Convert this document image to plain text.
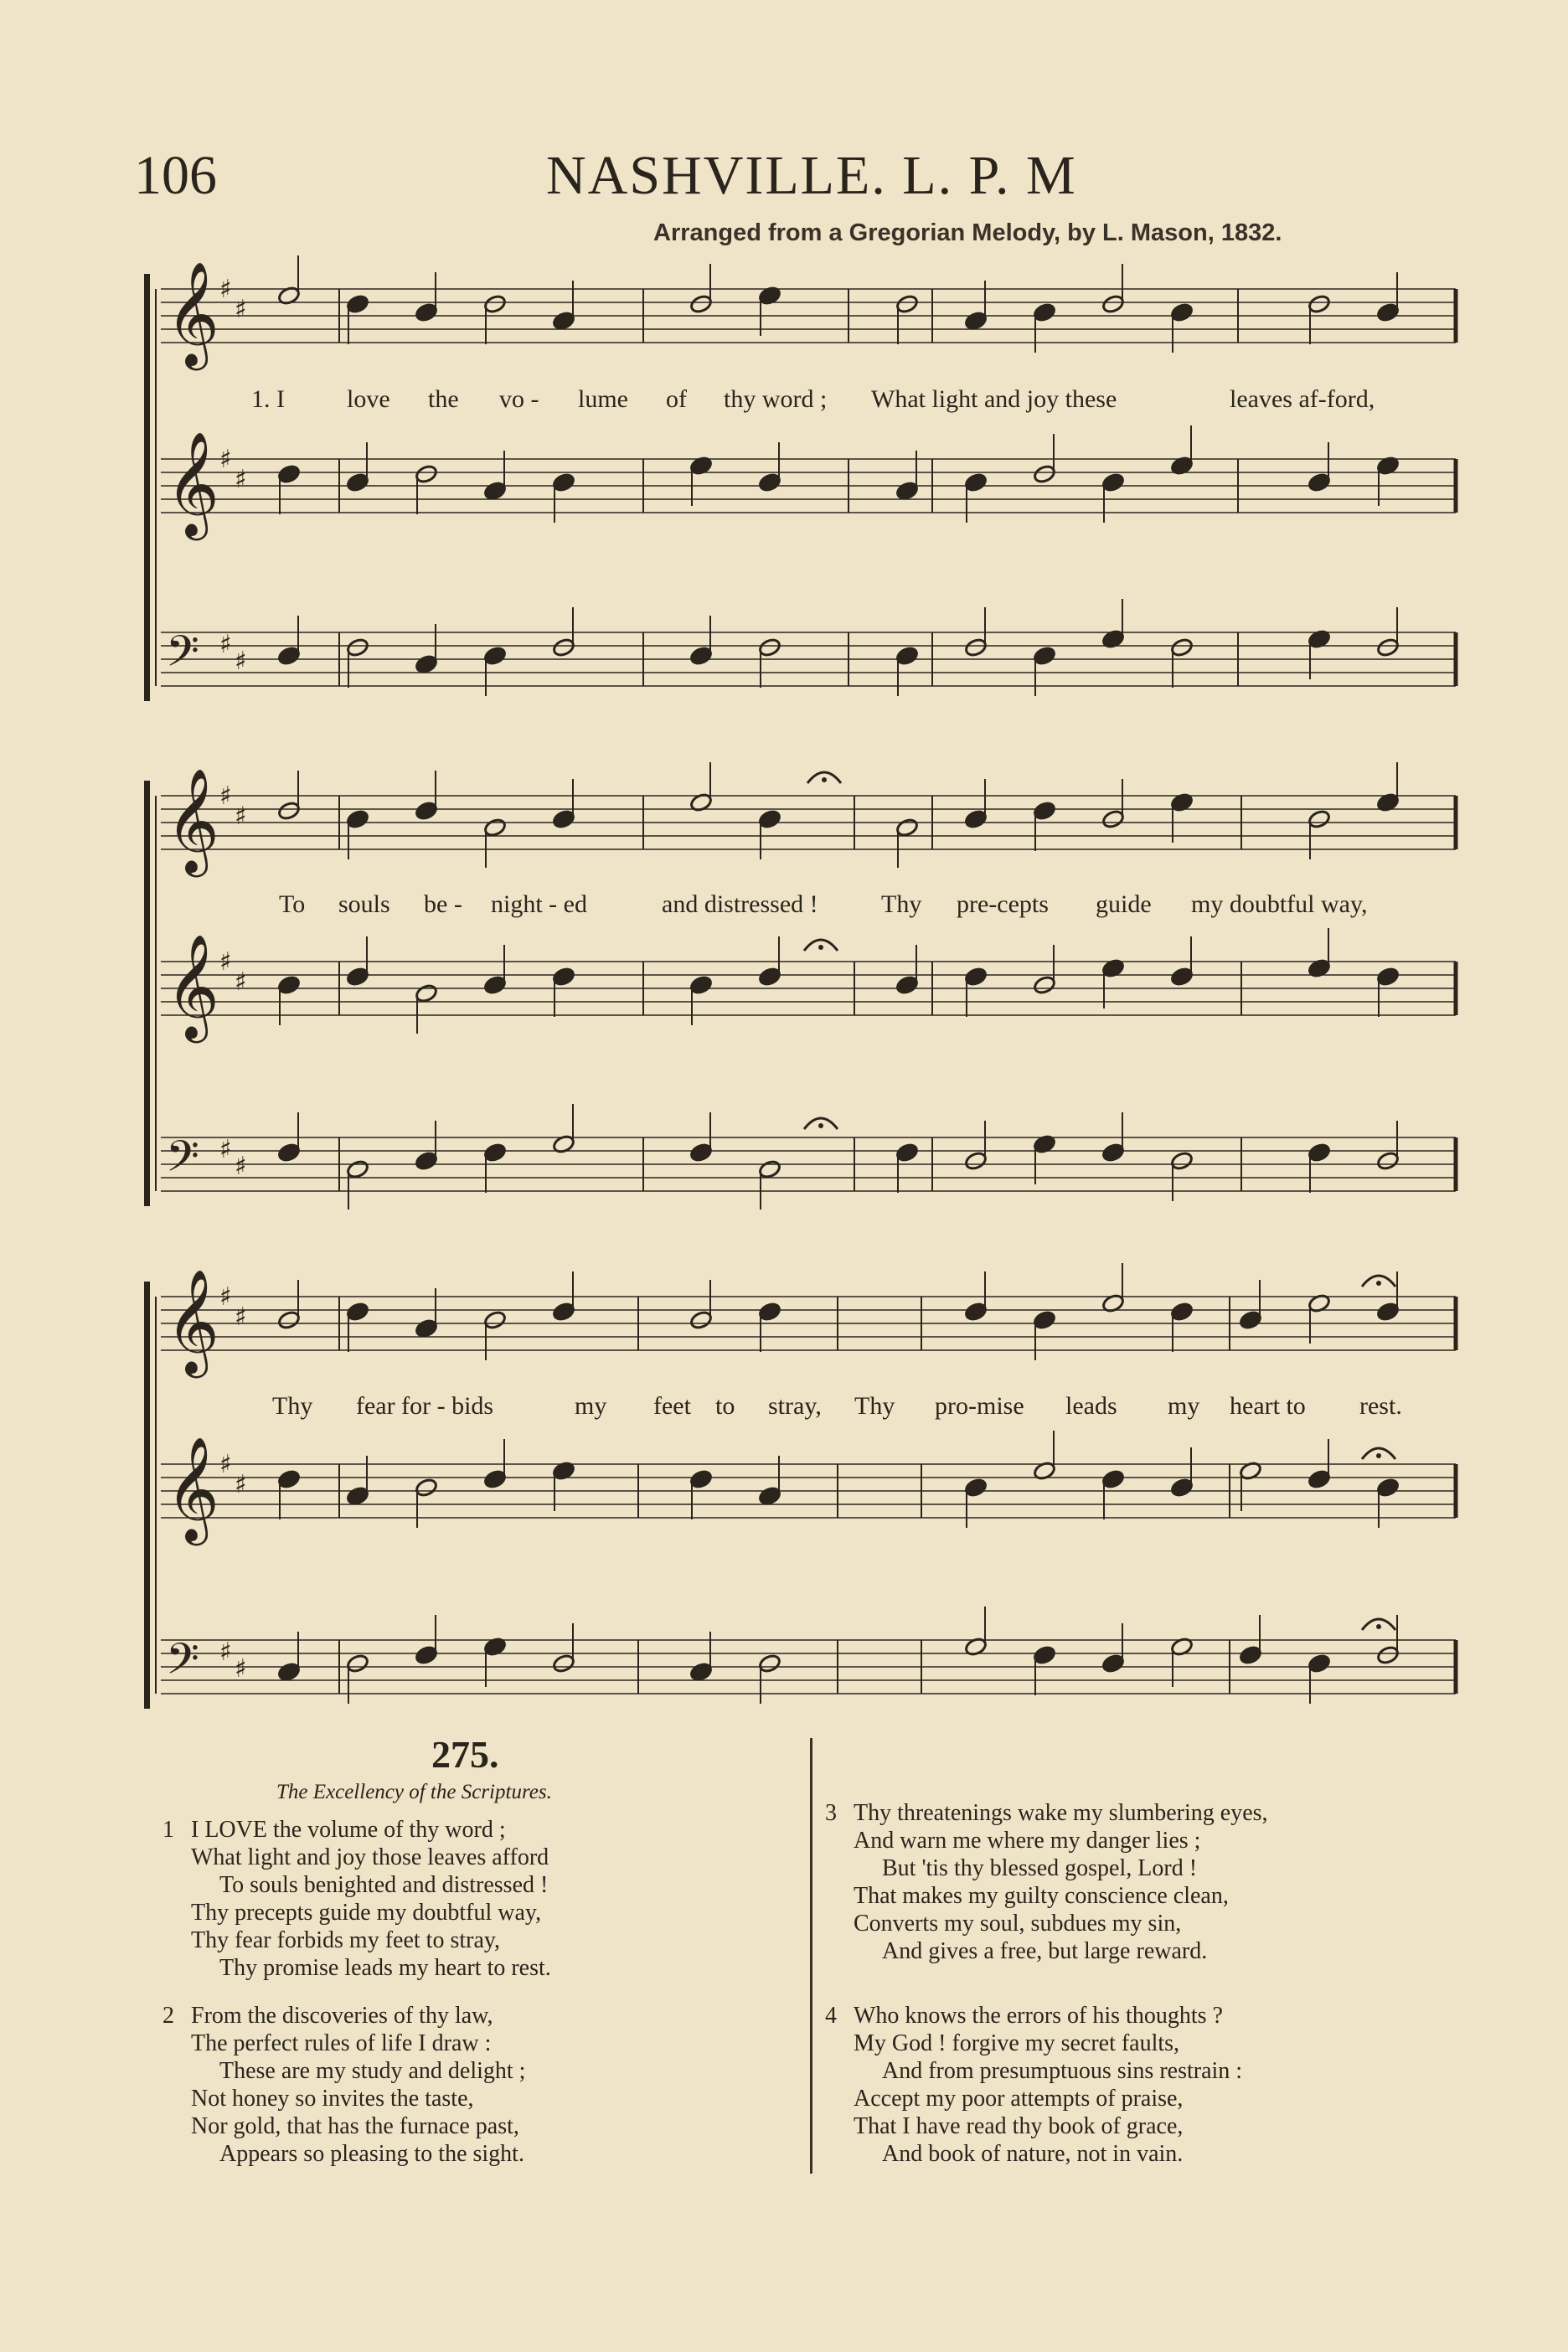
106	NASHVILLE. L. P. M
Arranged from a Gregorian Melody, by L. Mason, 1832.
𝄞 ♯
♯
𝄞 ♯
♯
𝄢 ♯
♯
𝄞 ♯
♯
𝄞 ♯
♯
𝄢 ♯
♯
𝄞 ♯
♯
𝄞 ♯
♯
𝄢 ♯
♯
1. I love the vo - lume of thy word ; What light and joy these	leaves af-ford,
To souls be - night - ed	and distressed !	Thy pre-cepts guide my doubtful way,
Thy fear for - bids	my feet to stray, Thy pro-mise leads my heart to rest.
275.
The Excellency of the Scriptures.
1 I LOVE the volume of thy word ;
What light and joy those leaves afford
To souls benighted and distressed !
Thy precepts guide my doubtful way,
Thy fear forbids my feet to stray,
Thy promise leads my heart to rest.
2 From the discoveries of thy law,
The perfect rules of life I draw :
These are my study and delight ;
Not honey so invites the taste,
Nor gold, that has the furnace past,
Appears so pleasing to the sight.
3 Thy threatenings wake my slumbering eyes,
And warn me where my danger lies ;
But 'tis thy blessed gospel, Lord !
That makes my guilty conscience clean,
Converts my soul, subdues my sin,
And gives a free, but large reward.
4 Who knows the errors of his thoughts ?
My God ! forgive my secret faults,
And from presumptuous sins restrain :
Accept my poor attempts of praise,
That I have read thy book of grace,
And book of nature, not in vain.
